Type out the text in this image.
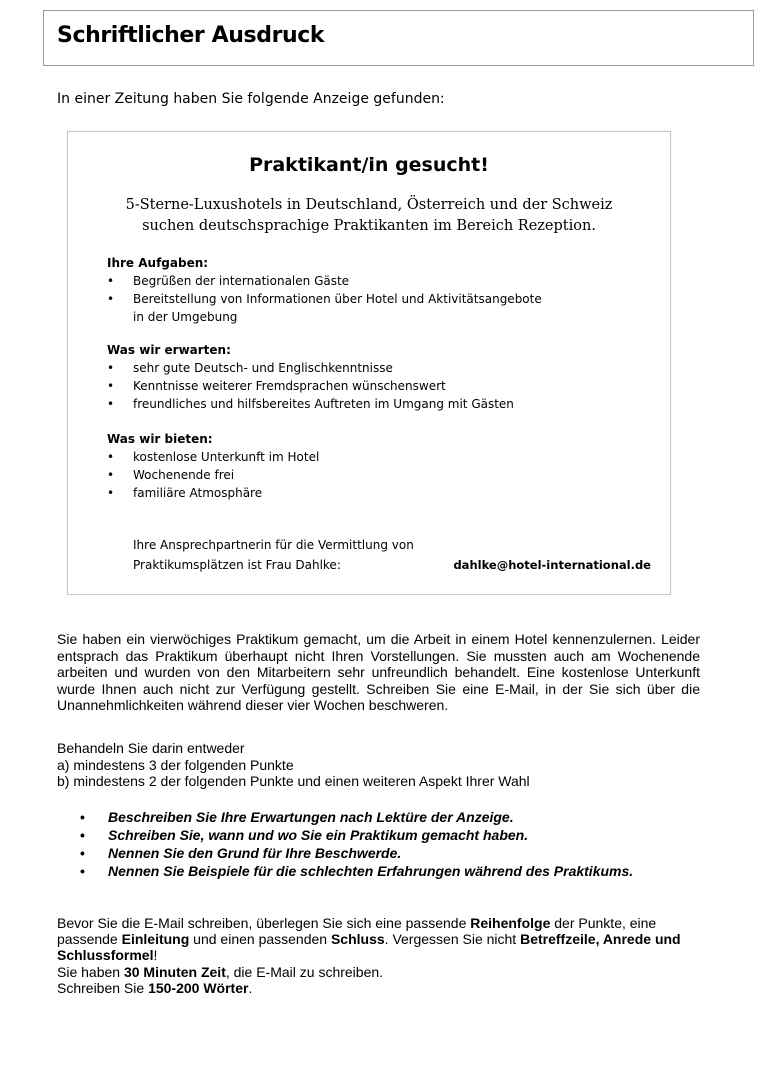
Schriftlicher Ausdruck
In einer Zeitung haben Sie folgende Anzeige gefunden:
Praktikant/in gesucht!
5-Sterne-Luxushotels in Deutschland, Österreich und der Schweiz
suchen deutschsprachige Praktikanten im Bereich Rezeption.
Ihre Aufgaben:
• Begrüßen der internationalen Gäste
• Bereitstellung von Informationen über Hotel und Aktivitätsangebote
in der Umgebung
Was wir erwarten:
• sehr gute Deutsch- und Englischkenntnisse
• Kenntnisse weiterer Fremdsprachen wünschenswert
• freundliches und hilfsbereites Auftreten im Umgang mit Gästen
Was wir bieten:
• kostenlose Unterkunft im Hotel
• Wochenende frei
• familiäre Atmosphäre
Ihre Ansprechpartnerin für die Vermittlung von
Praktikumsplätzen ist Frau Dahlke:	dahlke@hotel-international.de
Sie haben ein vierwöchiges Praktikum gemacht, um die Arbeit in einem Hotel kennenzulernen. Leider entsprach das Praktikum überhaupt nicht Ihren Vorstellungen. Sie mussten auch am Wochenende arbeiten und wurden von den Mitarbeitern sehr unfreundlich behandelt. Eine kostenlose Unterkunft wurde Ihnen auch nicht zur Verfügung gestellt. Schreiben Sie eine E-Mail, in der Sie sich über die Unannehmlichkeiten während dieser vier Wochen beschweren.
Behandeln Sie darin entweder
a) mindestens 3 der folgenden Punkte
b) mindestens 2 der folgenden Punkte und einen weiteren Aspekt Ihrer Wahl
• Beschreiben Sie Ihre Erwartungen nach Lektüre der Anzeige.
• Schreiben Sie, wann und wo Sie ein Praktikum gemacht haben.
• Nennen Sie den Grund für Ihre Beschwerde.
• Nennen Sie Beispiele für die schlechten Erfahrungen während des Praktikums.
Bevor Sie die E-Mail schreiben, überlegen Sie sich eine passende Reihenfolge der Punkte, eine passende Einleitung und einen passenden Schluss. Vergessen Sie nicht Betreffzeile, Anrede und Schlussformel!
Sie haben 30 Minuten Zeit, die E-Mail zu schreiben.
Schreiben Sie 150-200 Wörter.
